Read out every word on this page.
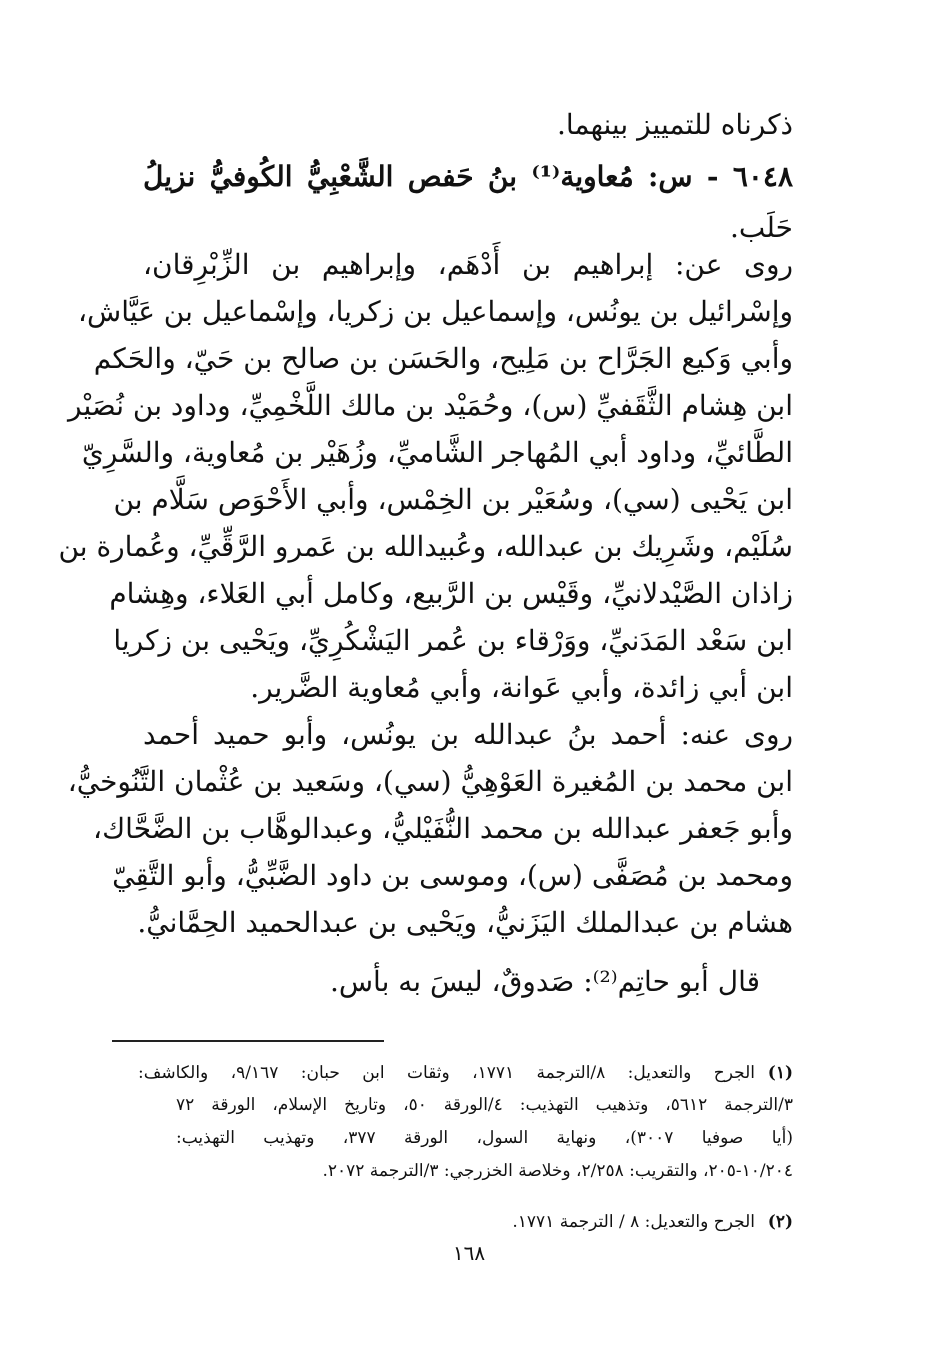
ذكرناه للتمييز بينهما.
٦٠٤٨ - س: مُعاوية⁽¹⁾ بنُ حَفص الشَّعْبِيُّ الكُوفيُّ نزيلُ
حَلَب.
روى عن: إبراهيم بن أَدْهَم، وإبراهيم بن الزِّبْرِقان،
وإسْرائيل بن يونُس، وإسماعيل بن زكريا، وإسْماعيل بن عَيَّاش،
وأبي وَكيع الجَرَّاح بن مَلِيح، والحَسَن بن صالح بن حَيّ، والحَكم
ابن هِشام الثَّقَفيِّ (س)، وحُمَيْد بن مالك اللَّخْمِيِّ، وداود بن نُصَيْر
الطَّائيِّ، وداود أبي المُهاجر الشَّاميِّ، وزُهَيْر بن مُعاوية، والسَّرِيّ
ابن يَحْيى (سي)، وسُعَيْر بن الخِمْس، وأبي الأَحْوَص سَلَّام بن
سُلَيْم، وشَرِيك بن عبدالله، وعُبيدالله بن عَمرو الرَّقِّيِّ، وعُمارة بن
زاذان الصَّيْدلانيِّ، وقَيْس بن الرَّبيع، وكامل أبي العَلاء، وهِشام
ابن سَعْد المَدَنيِّ، ووَرْقاء بن عُمر اليَشْكُرِيِّ، ويَحْيى بن زكريا
ابن أبي زائدة، وأبي عَوانة، وأبي مُعاوية الضَّرير.
روى عنه: أحمد بنُ عبدالله بن يونُس، وأبو حميد أحمد
ابن محمد بن المُغيرة العَوْهِيُّ (سي)، وسَعيد بن عُثْمان التَّنُوخيُّ،
وأبو جَعفر عبدالله بن محمد النُّفَيْليُّ، وعبدالوهَّاب بن الضَّحَّاك،
ومحمد بن مُصَفَّى (س)، وموسى بن داود الضَّبِّيُّ، وأبو التَّقِيّ
هشام بن عبدالملك اليَزَنيُّ، ويَحْيى بن عبدالحميد الحِمَّانيُّ.
قال أبو حاتِم⁽²⁾: صَدوقٌ، ليسَ به بأس.
(١)الجرح والتعديل: ٨/الترجمة ١٧٧١، وثقات ابن حبان: ٩/١٦٧، والكاشف:
٣/الترجمة ٥٦١٢، وتذهيب التهذيب: ٤/الورقة ٥٠، وتاريخ الإسلام، الورقة ٧٢
(أيا صوفيا ٣٠٠٧)، ونهاية السول، الورقة ٣٧٧، وتهذيب التهذيب:
١٠/٢٠٤-٢٠٥، والتقريب: ٢/٢٥٨، وخلاصة الخزرجي: ٣/الترجمة ٢٠٧٢.
(٢)الجرح والتعديل: ٨ / الترجمة ١٧٧١.
١٦٨
